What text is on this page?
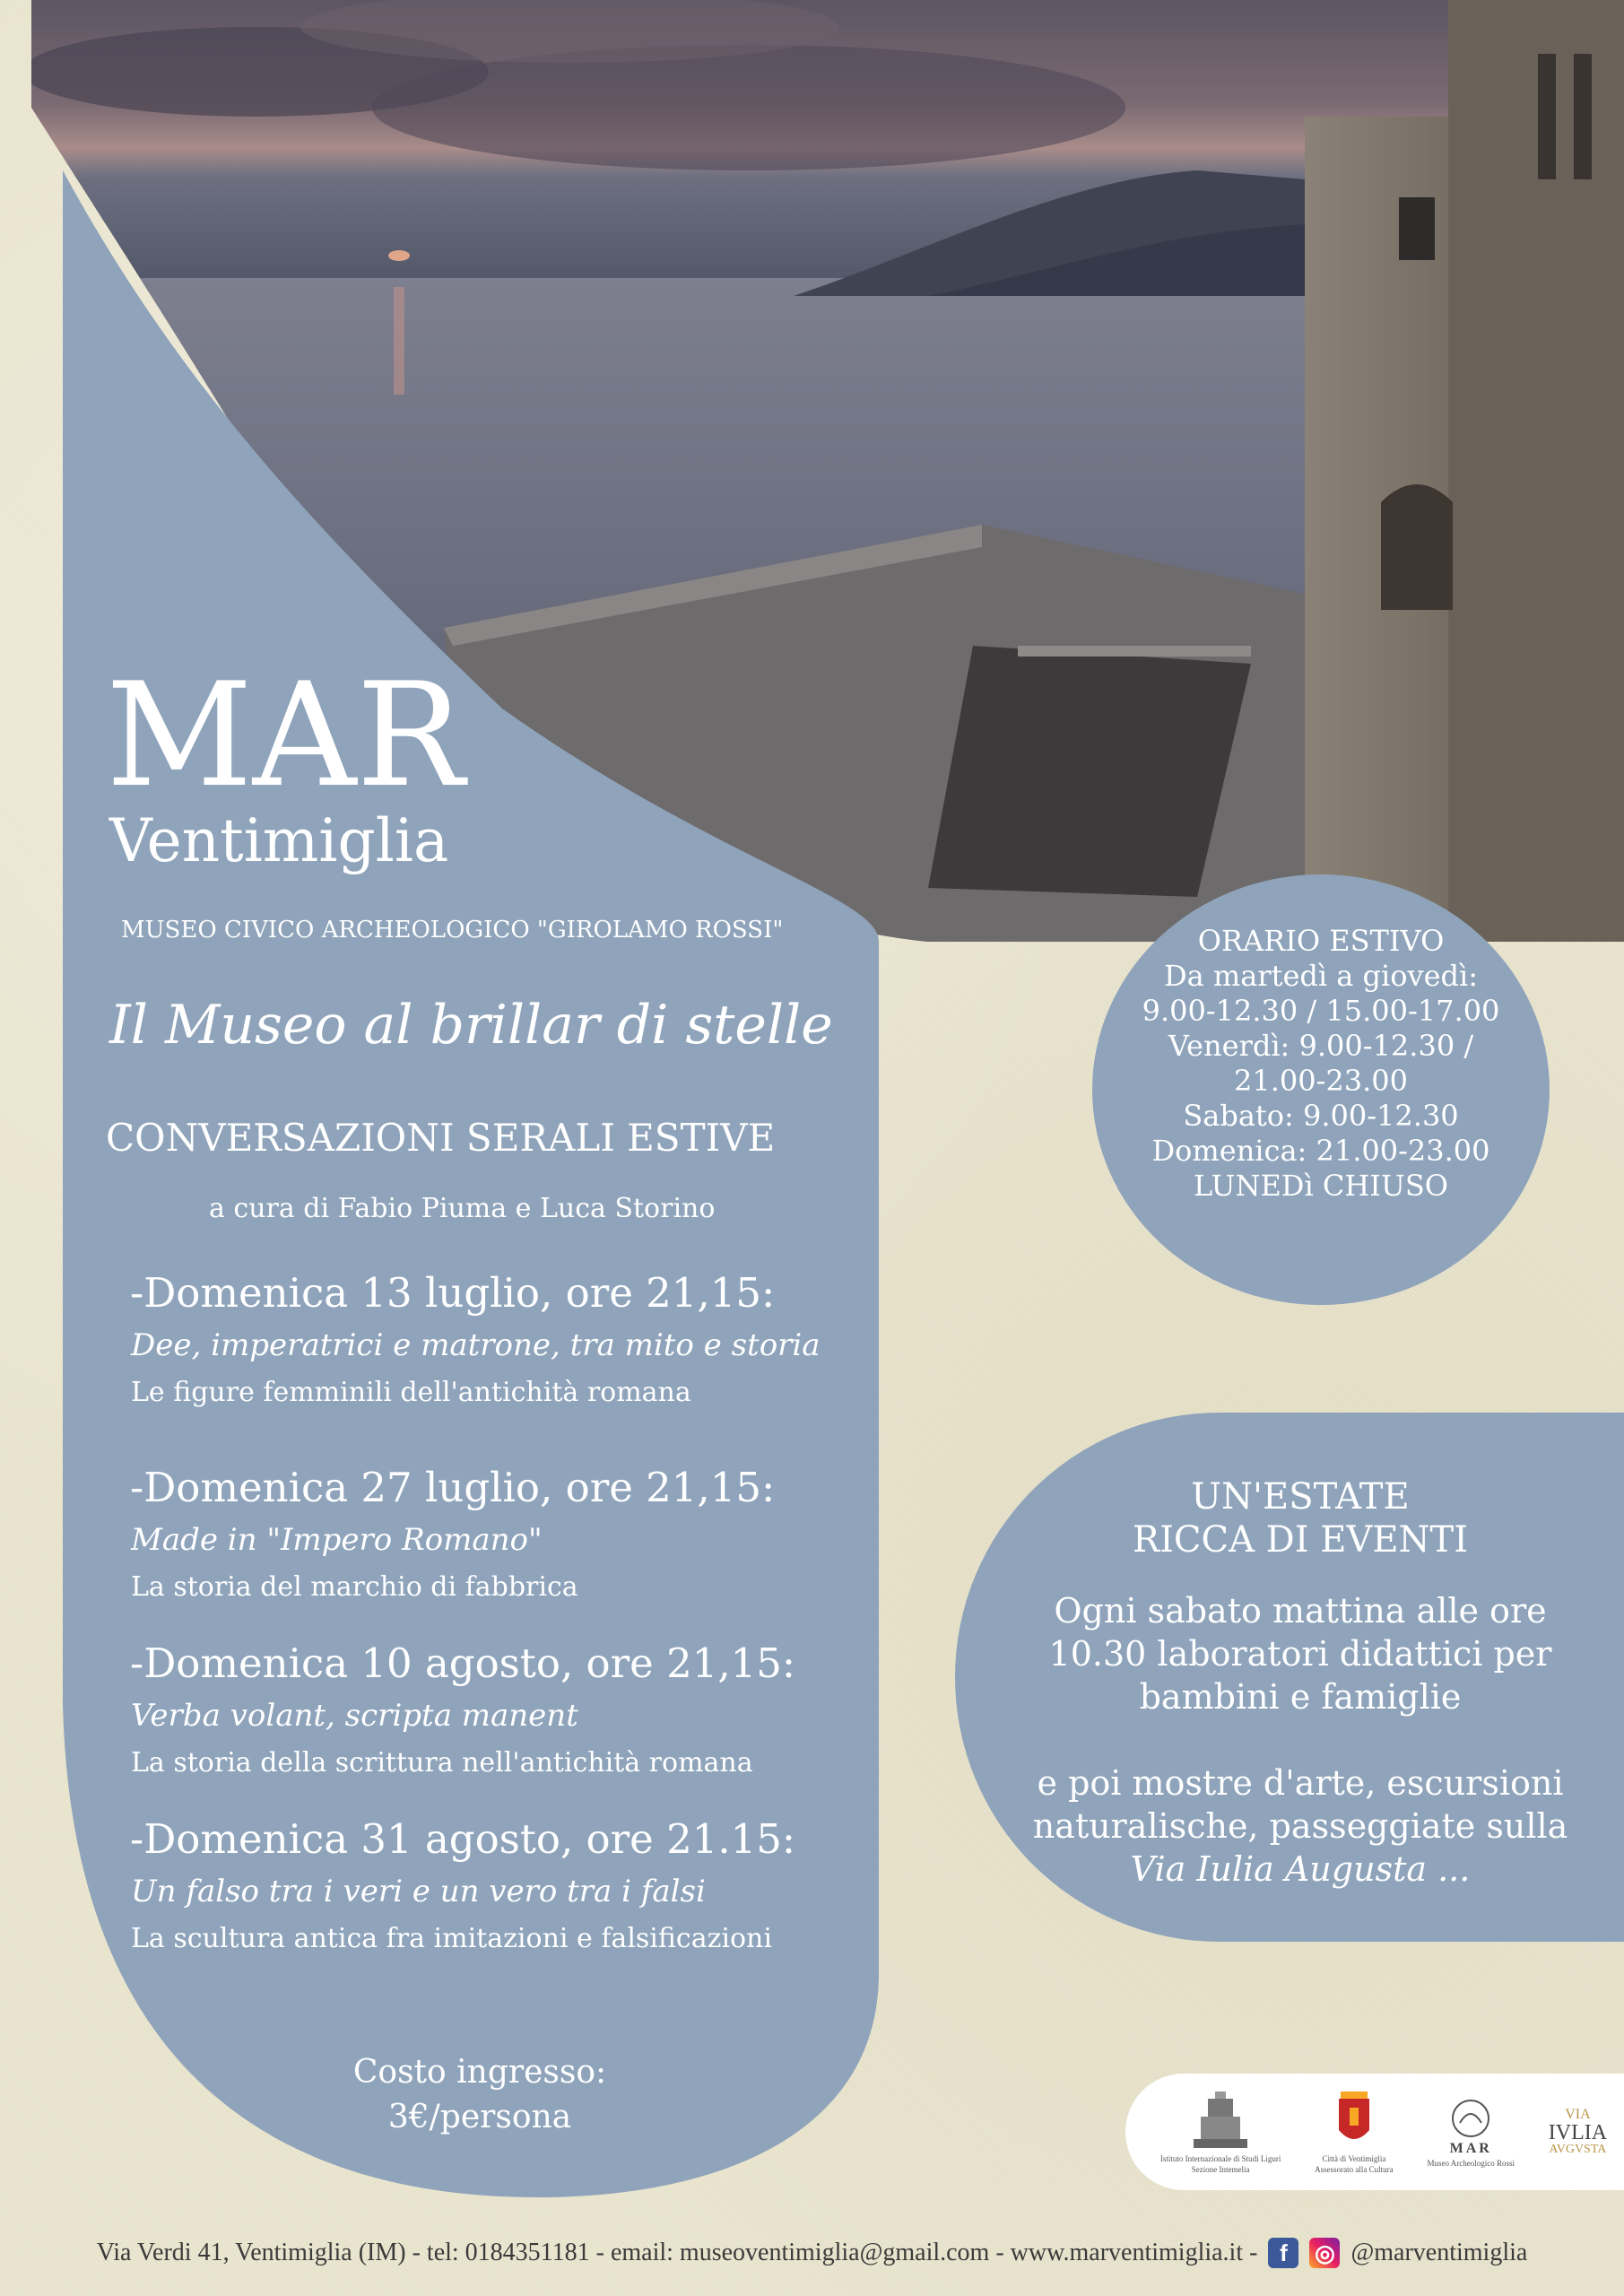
MAR
Ventimiglia
MUSEO CIVICO ARCHEOLOGICO "GIROLAMO ROSSI"
Il Museo al brillar di stelle
CONVERSAZIONI SERALI ESTIVE
a cura di Fabio Piuma e Luca Storino
-Domenica 13 luglio, ore 21,15:
Dee, imperatrici e matrone, tra mito e storia
Le figure femminili dell'antichità romana
-Domenica 27 luglio, ore 21,15:
Made in "Impero Romano"
La storia del marchio di fabbrica
-Domenica 10 agosto, ore 21,15:
Verba volant, scripta manent
La storia della scrittura nell'antichità romana
-Domenica 31 agosto, ore 21.15:
Un falso tra i veri e un vero tra i falsi
La scultura antica fra imitazioni e falsificazioni
Costo ingresso:
3€/persona
ORARIO ESTIVO
Da martedì a giovedì:
9.00-12.30 / 15.00-17.00
Venerdì: 9.00-12.30 /
21.00-23.00
Sabato: 9.00-12.30
Domenica: 21.00-23.00
LUNEDì CHIUSO
UN'ESTATE
RICCA DI EVENTI
Ogni sabato mattina alle ore
10.30 laboratori didattici per
bambini e famiglie
e poi mostre d'arte, escursioni
naturalische, passeggiate sulla
Via Iulia Augusta ...
Istituto Internazionale di Studi Liguri
Sezione Intemelia
Città di Ventimiglia
Assessorato alla Cultura
MAR
Museo Archeologico Rossi
VIA
IVLIA
AVGVSTA
Via Verdi 41, Ventimiglia (IM) - tel: 0184351181 - email: museoventimiglia@gmail.com - www.marventimiglia.it - f	◎ @marventimiglia
